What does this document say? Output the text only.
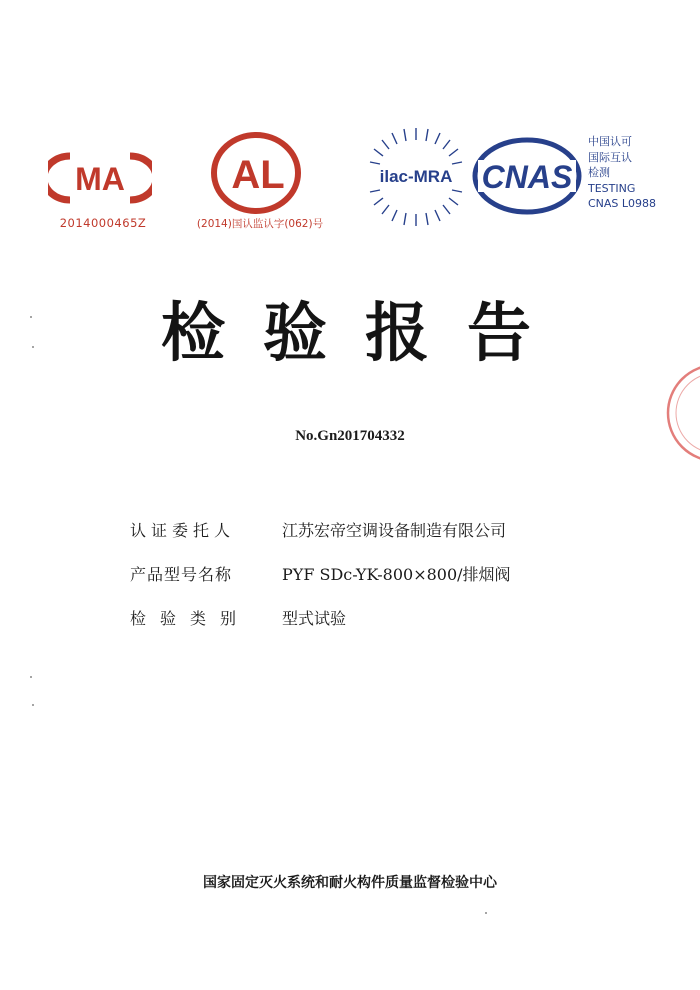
MA
2014000465Z
AL
(2014)国认监认字(062)号
ilac-MRA CNAS
中国认可
国际互认
检测
TESTING
CNAS L0988
检验报告
No.Gn201704332
认证委托人	江苏宏帝空调设备制造有限公司
产品型号名称	PYF SDc-YK-800×800/排烟阀
检验类别	型式试验
国家固定灭火系统和耐火构件质量监督检验中心
